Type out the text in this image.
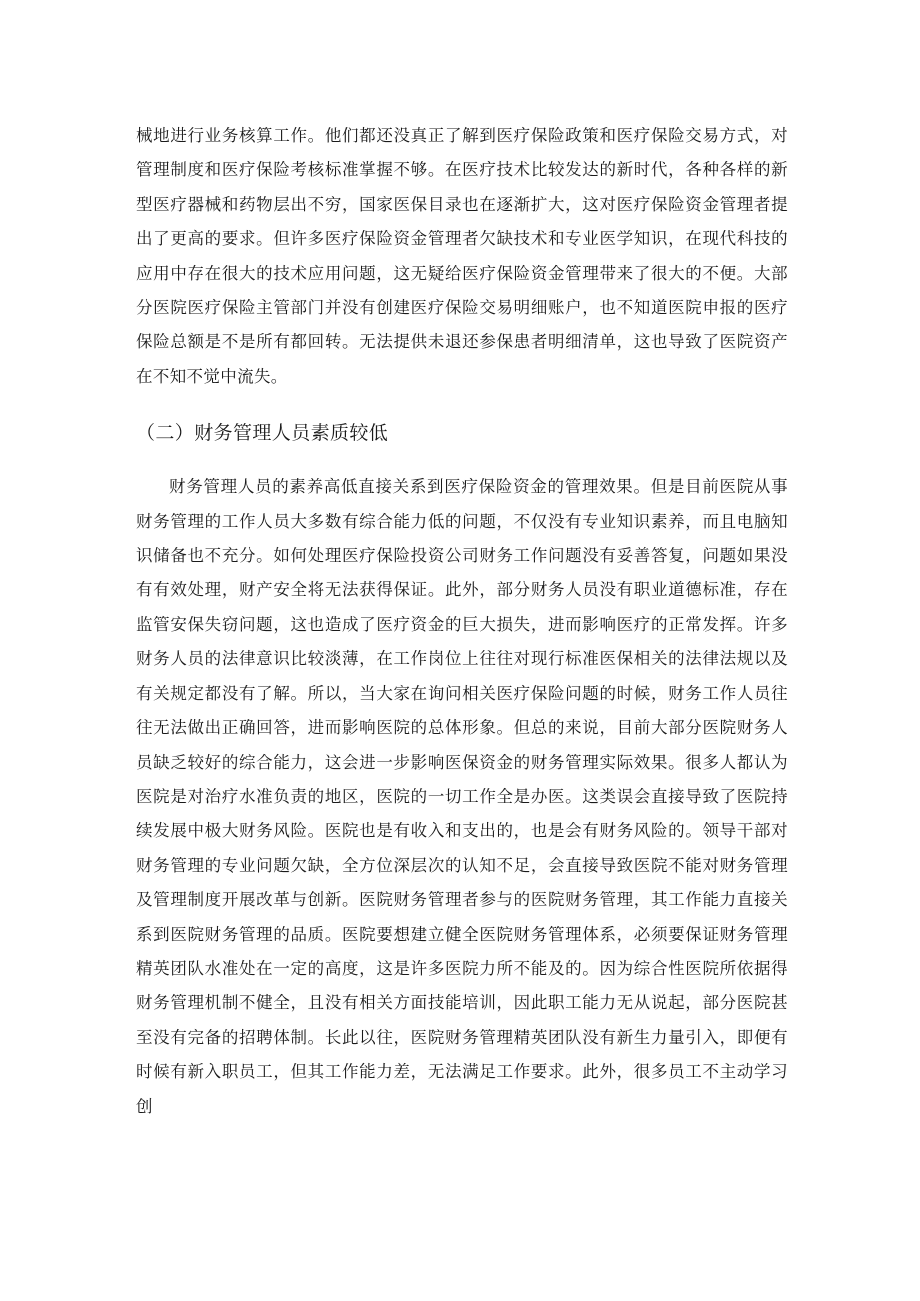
械地进行业务核算工作。他们都还没真正了解到医疗保险政策和医疗保险交易方式，对管理制度和医疗保险考核标准掌握不够。在医疗技术比较发达的新时代，各种各样的新型医疗器械和药物层出不穷，国家医保目录也在逐渐扩大，这对医疗保险资金管理者提出了更高的要求。但许多医疗保险资金管理者欠缺技术和专业医学知识，在现代科技的应用中存在很大的技术应用问题，这无疑给医疗保险资金管理带来了很大的不便。大部分医院医疗保险主管部门并没有创建医疗保险交易明细账户，也不知道医院申报的医疗保险总额是不是所有都回转。无法提供未退还参保患者明细清单，这也导致了医院资产在不知不觉中流失。

（二）财务管理人员素质较低

财务管理人员的素养高低直接关系到医疗保险资金的管理效果。但是目前医院从事财务管理的工作人员大多数有综合能力低的问题，不仅没有专业知识素养，而且电脑知识储备也不充分。如何处理医疗保险投资公司财务工作问题没有妥善答复，问题如果没有有效处理，财产安全将无法获得保证。此外，部分财务人员没有职业道德标准，存在监管安保失窃问题，这也造成了医疗资金的巨大损失，进而影响医疗的正常发挥。许多财务人员的法律意识比较淡薄，在工作岗位上往往对现行标准医保相关的法律法规以及有关规定都没有了解。所以，当大家在询问相关医疗保险问题的时候，财务工作人员往往无法做出正确回答，进而影响医院的总体形象。但总的来说，目前大部分医院财务人员缺乏较好的综合能力，这会进一步影响医保资金的财务管理实际效果。很多人都认为医院是对治疗水准负责的地区，医院的一切工作全是办医。这类误会直接导致了医院持续发展中极大财务风险。医院也是有收入和支出的，也是会有财务风险的。领导干部对财务管理的专业问题欠缺，全方位深层次的认知不足，会直接导致医院不能对财务管理及管理制度开展改革与创新。医院财务管理者参与的医院财务管理，其工作能力直接关系到医院财务管理的品质。医院要想建立健全医院财务管理体系，必须要保证财务管理精英团队水准处在一定的高度，这是许多医院力所不能及的。因为综合性医院所依据得财务管理机制不健全，且没有相关方面技能培训，因此职工能力无从说起，部分医院甚至没有完备的招聘体制。长此以往，医院财务管理精英团队没有新生力量引入，即便有时候有新入职员工，但其工作能力差，无法满足工作要求。此外，很多员工不主动学习创
